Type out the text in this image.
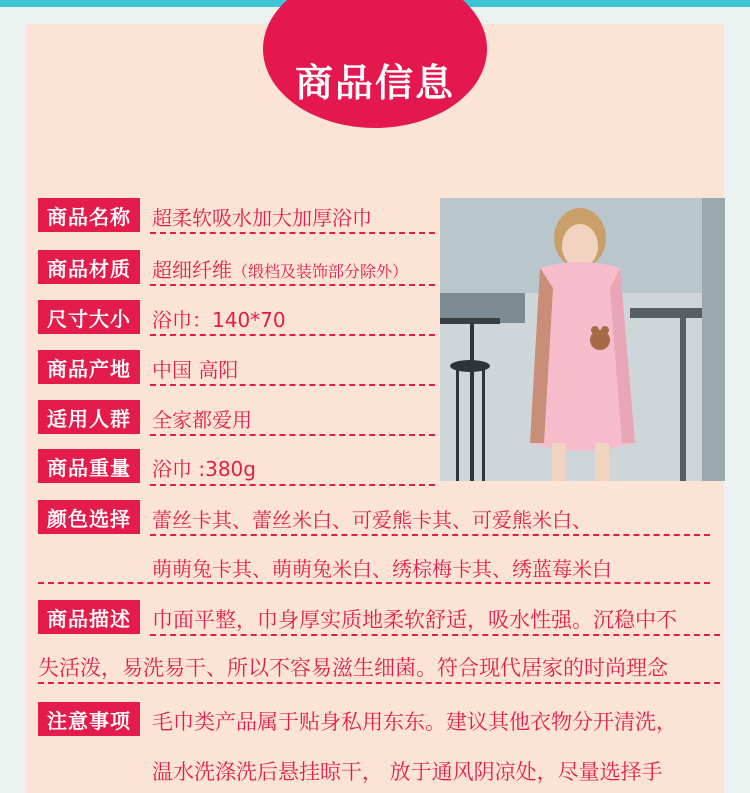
商品信息
商品名称	超柔软吸水加大加厚浴巾
商品材质	超细纤维（缎档及装饰部分除外）
尺寸大小	浴巾：140*70
商品产地	中国 高阳
适用人群	全家都爱用
商品重量	浴巾 :380g
颜色选择	蕾丝卡其、蕾丝米白、可爱熊卡其、可爱熊米白、
萌萌兔卡其、萌萌兔米白、绣棕梅卡其、绣蓝莓米白
商品描述	巾面平整，巾身厚实质地柔软舒适，吸水性强。沉稳中不
失活泼，易洗易干、所以不容易滋生细菌。符合现代居家的时尚理念
注意事项	毛巾类产品属于贴身私用东东。建议其他衣物分开清洗，
温水洗涤洗后悬挂晾干， 放于通风阴凉处，尽量选择手
